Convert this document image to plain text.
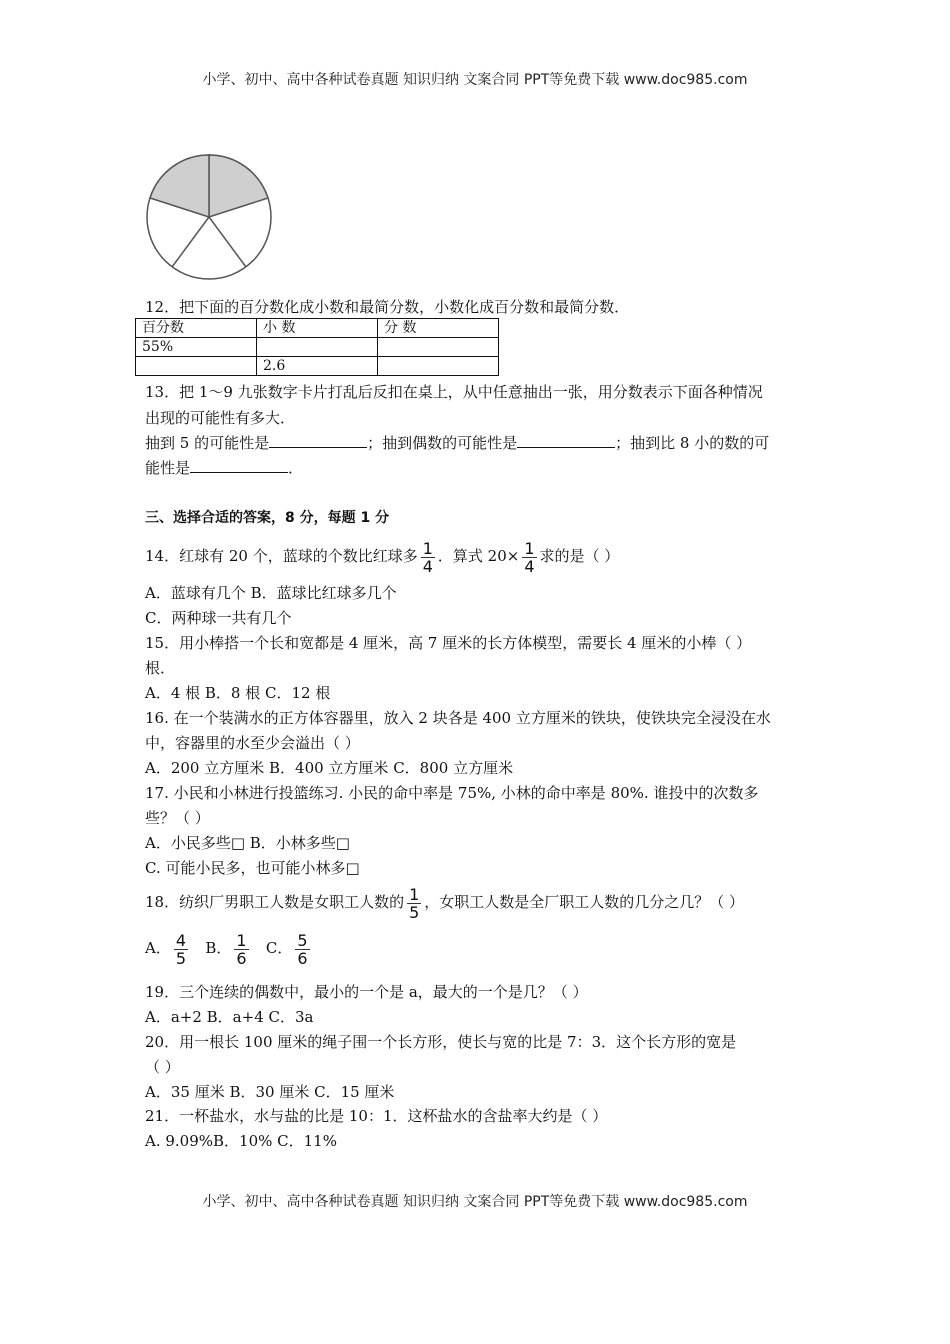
小学、初中、高中各种试卷真题 知识归纳 文案合同 PPT等免费下载 www.doc985.com
12．把下面的百分数化成小数和最简分数，小数化成百分数和最简分数．
百分数	小 数	分 数
55%		
	2.6	
13．把 1～9 九张数字卡片打乱后反扣在桌上，从中任意抽出一张，用分数表示下面各种情况
出现的可能性有多大．
抽到 5 的可能性是	；抽到偶数的可能性是	；抽到比 8 小的数的可
能性是	．
三、选择合适的答案，8 分，每题 1 分
14．红球有 20 个，蓝球的个数比红球多 $\frac{1}{4}$ ．算式 $20\times \frac{1}{4}$ 求的是（ ）
A．蓝球有几个 B．蓝球比红球多几个
C．两种球一共有几个
15．用小棒搭一个长和宽都是 4 厘米，高 7 厘米的长方体模型，需要长 4 厘米的小棒（ ）
根．
A．4 根 B．8 根 C．12 根
16. 在一个装满水的正方体容器里，放入 2 块各是 400 立方厘米的铁块，使铁块完全浸没在水
中，容器里的水至少会溢出（ ）
A．200 立方厘米 B．400 立方厘米 C．800 立方厘米
17. 小民和小林进行投篮练习. 小民的命中率是 75%, 小林的命中率是 80%. 谁投中的次数多
些？（ ）
A．小民多些□ B．小林多些□
C. 可能小民多，也可能小林多□
18．纺织厂男职工人数是女职工人数的 $\frac{1}{5}$ ，女职工人数是全厂职工人数的几分之几？（ ）
A． $\frac{4}{5}$ B． $\frac{1}{6}$ C． $\frac{5}{6}$
19．三个连续的偶数中，最小的一个是 a，最大的一个是几？（ ）
A．a+2 B．a+4 C．3a
20．用一根长 100 厘米的绳子围一个长方形，使长与宽的比是 7：3．这个长方形的宽是
（ ）
A．35 厘米 B．30 厘米 C．15 厘米
21．一杯盐水，水与盐的比是 10：1．这杯盐水的含盐率大约是（ ）
A. 9.09%B．10% C．11%
小学、初中、高中各种试卷真题 知识归纳 文案合同 PPT等免费下载 www.doc985.com
